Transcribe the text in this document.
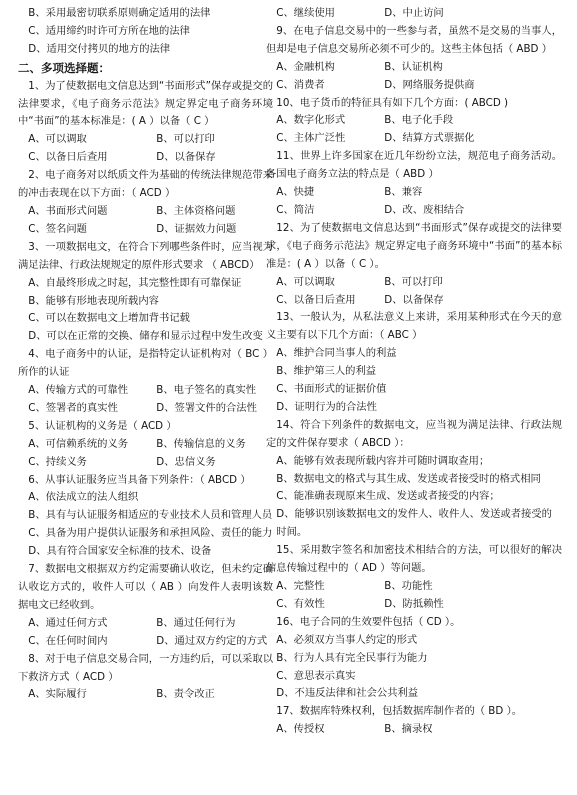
B、采用最密切联系原则确定适用的法律

C、适用缔约时许可方所在地的法律

D、适用交付拷贝的地方的法律

二、多项选择题：

1、为了使数据电文信息达到“书面形式”保存或提交的法律要求，《电子商务示范法》规定界定电子商务环境中“书面”的基本标准是：( A ）以备（ C ）

A、可以调取	B、可以打印

C、以备日后查用	D、以备保存

2、电子商务对以纸质文件为基础的传统法律规范带来的冲击表现在以下方面：（ ACD ）

A、书面形式问题	B、主体资格问题

C、签名问题	D、证据效力问题

3、一项数据电文，在符合下列哪些条件时，应当视为满足法律、行政法规规定的原件形式要求 （ ABCD）

A、自最终形成之时起，其完整性即有可靠保证

B、能够有形地表现所载内容

C、可以在数据电文上增加背书记载

D、可以在正常的交换、储存和显示过程中发生改变

4、电子商务中的认证，是指特定认证机构对（ BC ）所作的认证

A、传输方式的可靠性	B、电子签名的真实性

C、签署者的真实性	D、签署文件的合法性

5、认证机构的义务是（ ACD ）

A、可信赖系统的义务	B、传输信息的义务

C、持续义务	D、忠信义务

6、从事认证服务应当具备下列条件：（ ABCD ）

A、依法成立的法人组织

B、具有与认证服务相适应的专业技术人员和管理人员

C、具备为用户提供认证服务和承担风险、责任的能力

D、具有符合国家安全标准的技术、设备

7、数据电文根据双方约定需要确认收讫，但未约定确认收讫方式的，收件人可以（ AB ）向发件人表明该数据电文已经收到。

A、通过任何方式	B、通过任何行为

C、在任何时间内	D、通过双方约定的方式

8、对于电子信息交易合同，一方违约后，可以采取以下救济方式（ ACD ）

A、实际履行	B、责令改正

C、继续使用	D、中止访问

9、在电子信息交易中的一些参与者，虽然不是交易的当事人，但却是电子信息交易所必须不可少的。这些主体包括（ ABD ）

A、金融机构	B、认证机构

C、消费者	D、网络服务提供商

10、电子货币的特征具有如下几个方面：( ABCD )

A、数字化形式	B、电子化手段

C、主体广泛性	D、结算方式票据化

11、世界上许多国家在近几年纷纷立法，规范电子商务活动。各国电子商务立法的特点是（ ABD ）

A、快捷	B、兼容

C、简洁	D、改、废相结合

12、为了使数据电文信息达到“书面形式”保存或提交的法律要求，《电子商务示范法》规定界定电子商务环境中“书面”的基本标准是：( A ）以备（ C ）。

A、可以调取	B、可以打印

C、以备日后查用	D、以备保存

13、一般认为，从私法意义上来讲，采用某种形式在今天的意义主要有以下几个方面：（ ABC ）

A、维护合同当事人的利益

B、维护第三人的利益

C、书面形式的证据价值

D、证明行为的合法性

14、符合下列条件的数据电文，应当视为满足法律、行政法规定的文件保存要求（ ABCD ）：

A、能够有效表现所载内容并可随时调取查用；

B、数据电文的格式与其生成、发送或者接受时的格式相同

C、能准确表现原来生成、发送或者接受的内容；

D、能够识别该数据电文的发件人、收件人、发送或者接受的时间。

15、采用数字签名和加密技术相结合的方法，可以很好的解决信息传输过程中的（ AD ）等问题。

A、完整性	B、功能性

C、有效性	D、防抵赖性

16、电子合同的生效要件包括（ CD ）。

A、必须双方当事人约定的形式

B、行为人具有完全民事行为能力

C、意思表示真实

D、不违反法律和社会公共利益

17、数据库特殊权利，包括数据库制作者的（ BD ）。

A、传授权	B、摘录权
